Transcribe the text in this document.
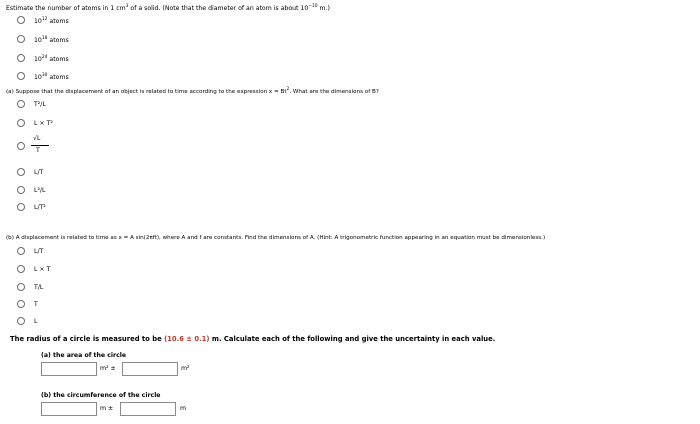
Estimate the number of atoms in 1 $cm^3$ of a solid. (Note that the diameter of an atom is about $10^{-10}$ m.)
$10^{12}$ atoms
$10^{18}$ atoms
$10^{24}$ atoms
$10^{30}$ atoms
(a) Suppose that the displacement of an object is related to time according to the expression $x = Bt^2$. What are the dimensions of B?
T²/L
L × T²
√L
T
L/T
L²/L
L/T²
(b) A displacement is related to time as x = A sin(2πft), where A and f are constants. Find the dimensions of A. (Hint: A trigonometric function appearing in an equation must be dimensionless.)
L/T
L × T
T/L
T
L
The radius of a circle is measured to be (10.6 ± 0.1) m. Calculate each of the following and give the uncertainty in each value.
(a) the area of the circle
m² ±	m²
(b) the circumference of the circle
m ±	m
